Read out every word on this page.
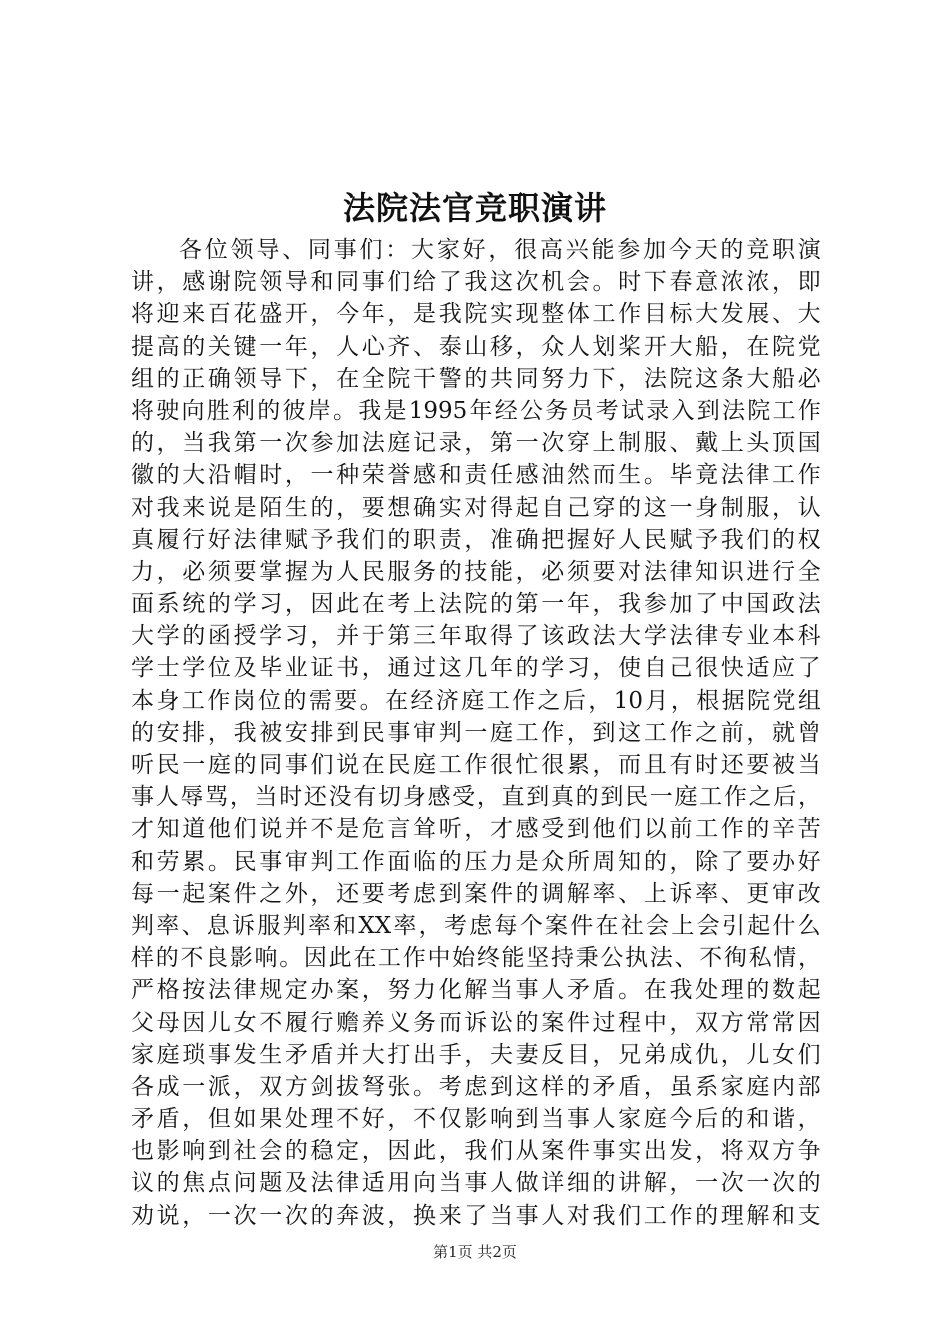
法院法官竞职演讲
各 位 领 导 、 同 事 们 ： 大 家 好 ， 很 高 兴 能 参 加 今 天 的 竞 职 演
讲 ， 感 谢 院 领 导 和 同 事 们 给 了 我 这 次 机 会 。 时 下 春 意 浓 浓 ， 即
将 迎 来 百 花 盛 开 ， 今 年 ， 是 我 院 实 现 整 体 工 作 目 标 大 发 展 、 大
提 高 的 关 键 一 年 ， 人 心 齐 、 泰 山 移 ， 众 人 划 桨 开 大 船 ， 在 院 党
组 的 正 确 领 导 下 ， 在 全 院 干 警 的 共 同 努 力 下 ， 法 院 这 条 大 船 必
将 驶 向 胜 利 的 彼 岸 。 我 是 1995 年 经 公 务 员 考 试 录 入 到 法 院 工 作
的 ， 当 我 第 一 次 参 加 法 庭 记 录 ， 第 一 次 穿 上 制 服 、 戴 上 头 顶 国
徽 的 大 沿 帽 时 ， 一 种 荣 誉 感 和 责 任 感 油 然 而 生 。 毕 竟 法 律 工 作
对 我 来 说 是 陌 生 的 ， 要 想 确 实 对 得 起 自 己 穿 的 这 一 身 制 服 ， 认
真 履 行 好 法 律 赋 予 我 们 的 职 责 ， 准 确 把 握 好 人 民 赋 予 我 们 的 权
力 ， 必 须 要 掌 握 为 人 民 服 务 的 技 能 ， 必 须 要 对 法 律 知 识 进 行 全
面 系 统 的 学 习 ， 因 此 在 考 上 法 院 的 第 一 年 ， 我 参 加 了 中 国 政 法
大 学 的 函 授 学 习 ， 并 于 第 三 年 取 得 了 该 政 法 大 学 法 律 专 业 本 科
学 士 学 位 及 毕 业 证 书 ， 通 过 这 几 年 的 学 习 ， 使 自 己 很 快 适 应 了
本 身 工 作 岗 位 的 需 要 。 在 经 济 庭 工 作 之 后 ， 10 月 ， 根 据 院 党 组
的 安 排 ， 我 被 安 排 到 民 事 审 判 一 庭 工 作 ， 到 这 工 作 之 前 ， 就 曾
听 民 一 庭 的 同 事 们 说 在 民 庭 工 作 很 忙 很 累 ， 而 且 有 时 还 要 被 当
事 人 辱 骂 ， 当 时 还 没 有 切 身 感 受 ， 直 到 真 的 到 民 一 庭 工 作 之 后 ，
才 知 道 他 们 说 并 不 是 危 言 耸 听 ， 才 感 受 到 他 们 以 前 工 作 的 辛 苦
和 劳 累 。 民 事 审 判 工 作 面 临 的 压 力 是 众 所 周 知 的 ， 除 了 要 办 好
每 一 起 案 件 之 外 ， 还 要 考 虑 到 案 件 的 调 解 率 、 上 诉 率 、 更 审 改
判 率 、 息 诉 服 判 率 和 XX 率 ， 考 虑 每 个 案 件 在 社 会 上 会 引 起 什 么
样 的 不 良 影 响 。 因 此 在 工 作 中 始 终 能 坚 持 秉 公 执 法 、 不 徇 私 情 ，
严 格 按 法 律 规 定 办 案 ， 努 力 化 解 当 事 人 矛 盾 。 在 我 处 理 的 数 起
父 母 因 儿 女 不 履 行 赡 养 义 务 而 诉 讼 的 案 件 过 程 中 ， 双 方 常 常 因
家 庭 琐 事 发 生 矛 盾 并 大 打 出 手 ， 夫 妻 反 目 ， 兄 弟 成 仇 ， 儿 女 们
各 成 一 派 ， 双 方 剑 拔 弩 张 。 考 虑 到 这 样 的 矛 盾 ， 虽 系 家 庭 内 部
矛 盾 ， 但 如 果 处 理 不 好 ， 不 仅 影 响 到 当 事 人 家 庭 今 后 的 和 谐 ，
也 影 响 到 社 会 的 稳 定 ， 因 此 ， 我 们 从 案 件 事 实 出 发 ， 将 双 方 争
议 的 焦 点 问 题 及 法 律 适 用 向 当 事 人 做 详 细 的 讲 解 ， 一 次 一 次 的
劝 说 ， 一 次 一 次 的 奔 波 ， 换 来 了 当 事 人 对 我 们 工 作 的 理 解 和 支
第1页 共2页
